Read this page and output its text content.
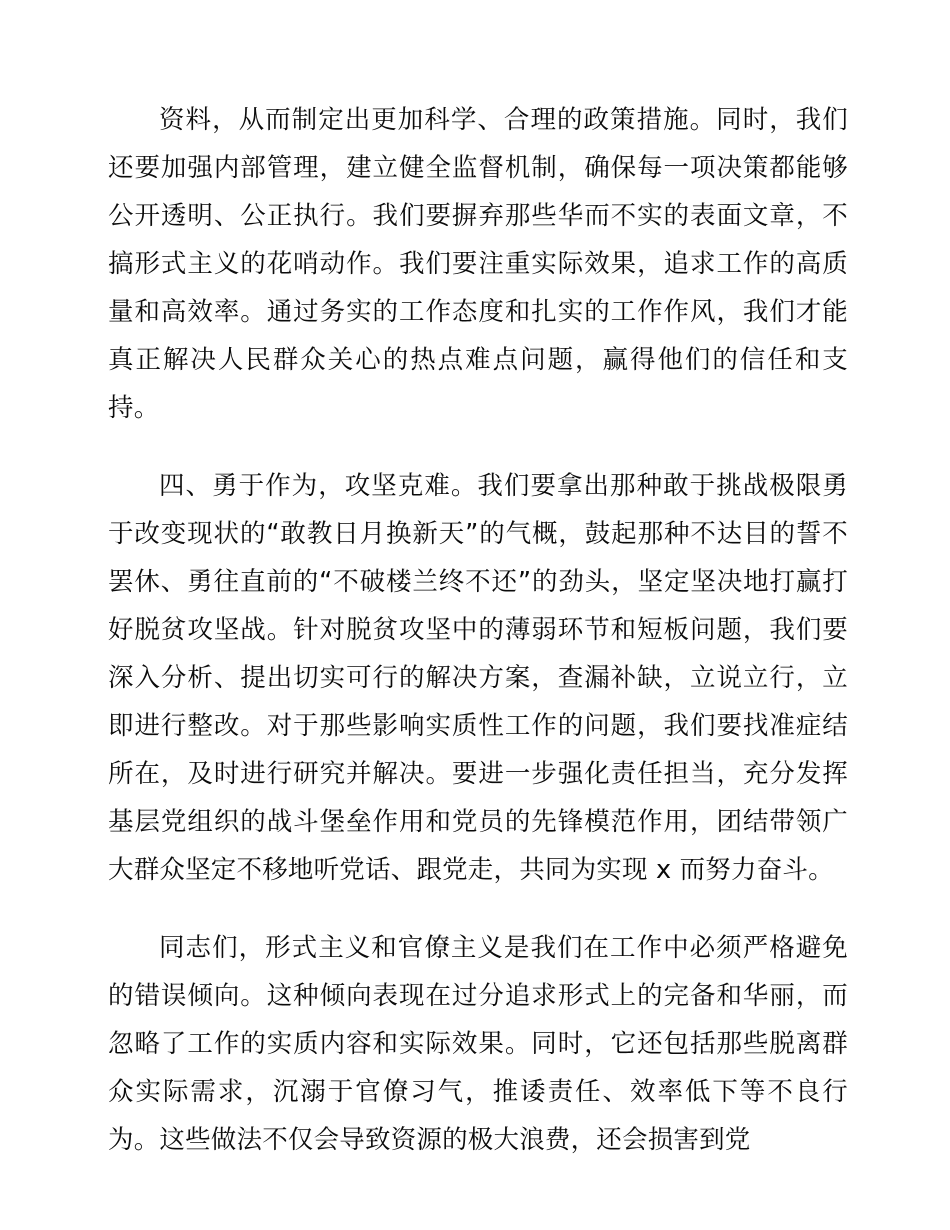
资料，从而制定出更加科学、合理的政策措施。同时，我们还要加强内部管理，建立健全监督机制，确保每一项决策都能够公开透明、公正执行。我们要摒弃那些华而不实的表面文章，不搞形式主义的花哨动作。我们要注重实际效果，追求工作的高质量和高效率。通过务实的工作态度和扎实的工作作风，我们才能真正解决人民群众关心的热点难点问题，赢得他们的信任和支持。

四、勇于作为，攻坚克难。我们要拿出那种敢于挑战极限勇于改变现状的“敢教日月换新天”的气概，鼓起那种不达目的誓不罢休、勇往直前的“不破楼兰终不还”的劲头，坚定坚决地打赢打好脱贫攻坚战。针对脱贫攻坚中的薄弱环节和短板问题，我们要深入分析、提出切实可行的解决方案，查漏补缺，立说立行，立即进行整改。对于那些影响实质性工作的问题，我们要找准症结所在，及时进行研究并解决。要进一步强化责任担当，充分发挥基层党组织的战斗堡垒作用和党员的先锋模范作用，团结带领广大群众坚定不移地听党话、跟党走，共同为实现 x 而努力奋斗。

同志们，形式主义和官僚主义是我们在工作中必须严格避免的错误倾向。这种倾向表现在过分追求形式上的完备和华丽，而忽略了工作的实质内容和实际效果。同时，它还包括那些脱离群众实际需求，沉溺于官僚习气，推诿责任、效率低下等不良行为。这些做法不仅会导致资源的极大浪费，还会损害到党
